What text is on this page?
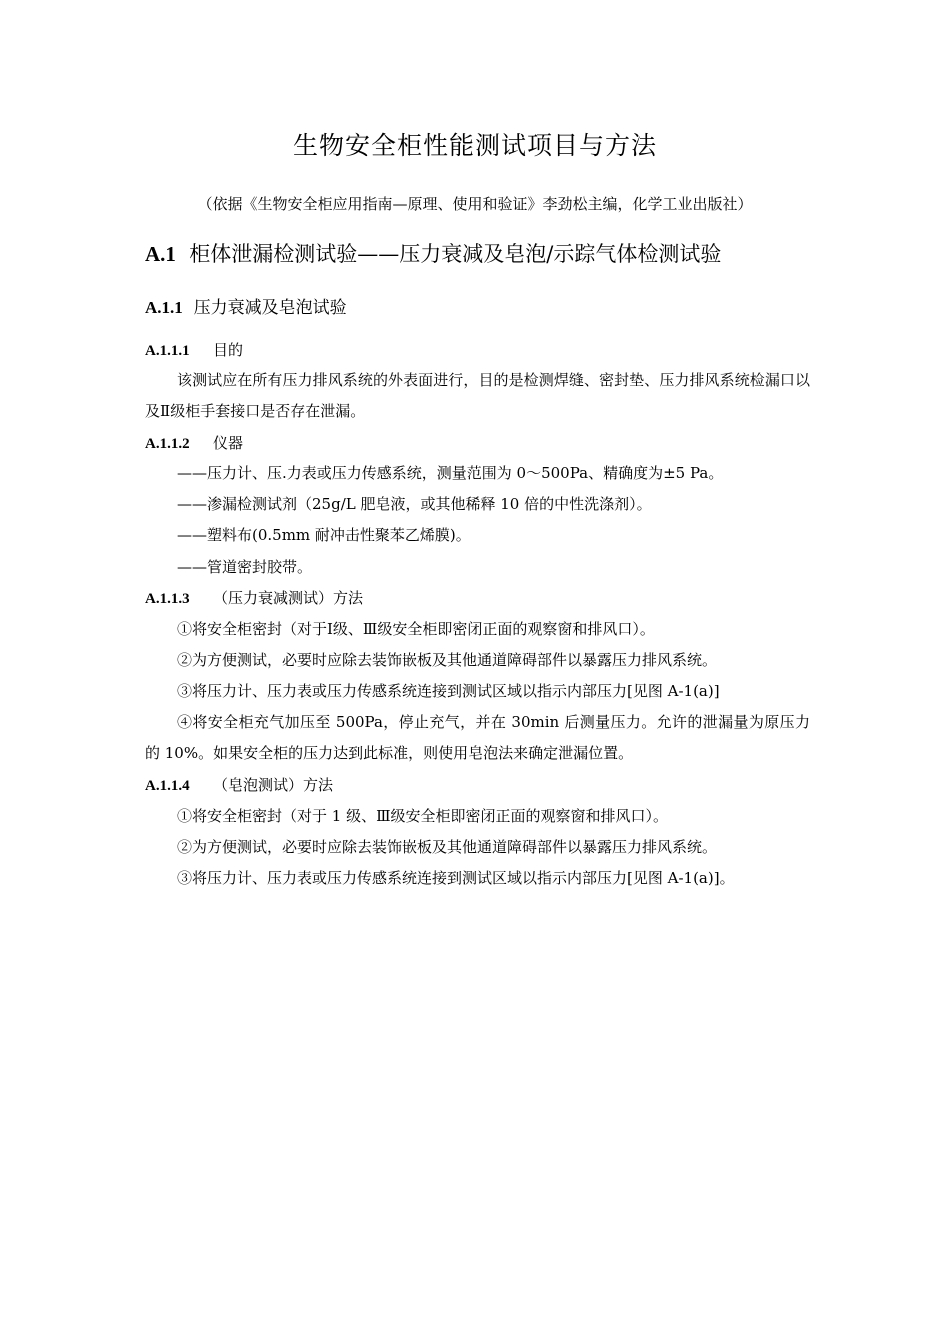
生物安全柜性能测试项目与方法
（依据《生物安全柜应用指南—原理、使用和验证》李劲松主编，化学工业出版社）
A.1 柜体泄漏检测试验——压力衰减及皂泡/示踪气体检测试验
A.1.1 压力衰减及皂泡试验
A.1.1.1 目的
该测试应在所有压力排风系统的外表面进行，目的是检测焊缝、密封垫、压力排风系统检漏口以及Ⅱ级柜手套接口是否存在泄漏。
A.1.1.2 仪器
——压力计、压.力表或压力传感系统，测量范围为 0～500Pa、精确度为±5 Pa。
——渗漏检测试剂（25g/L 肥皂液，或其他稀释 10 倍的中性洗涤剂）。
——塑料布(0.5mm 耐冲击性聚苯乙烯膜)。
——管道密封胶带。
A.1.1.3 （压力衰减测试）方法
①将安全柜密封（对于Ⅰ级、Ⅲ级安全柜即密闭正面的观察窗和排风口）。
②为方便测试，必要时应除去装饰嵌板及其他通道障碍部件以暴露压力排风系统。
③将压力计、压力表或压力传感系统连接到测试区域以指示内部压力[见图 A-1(a)]
④将安全柜充气加压至 500Pa，停止充气，并在 30min 后测量压力。允许的泄漏量为原压力的 10%。如果安全柜的压力达到此标准，则使用皂泡法来确定泄漏位置。
A.1.1.4 （皂泡测试）方法
①将安全柜密封（对于 1 级、Ⅲ级安全柜即密闭正面的观察窗和排风口）。
②为方便测试，必要时应除去装饰嵌板及其他通道障碍部件以暴露压力排风系统。
③将压力计、压力表或压力传感系统连接到测试区域以指示内部压力[见图 A-1(a)]。
